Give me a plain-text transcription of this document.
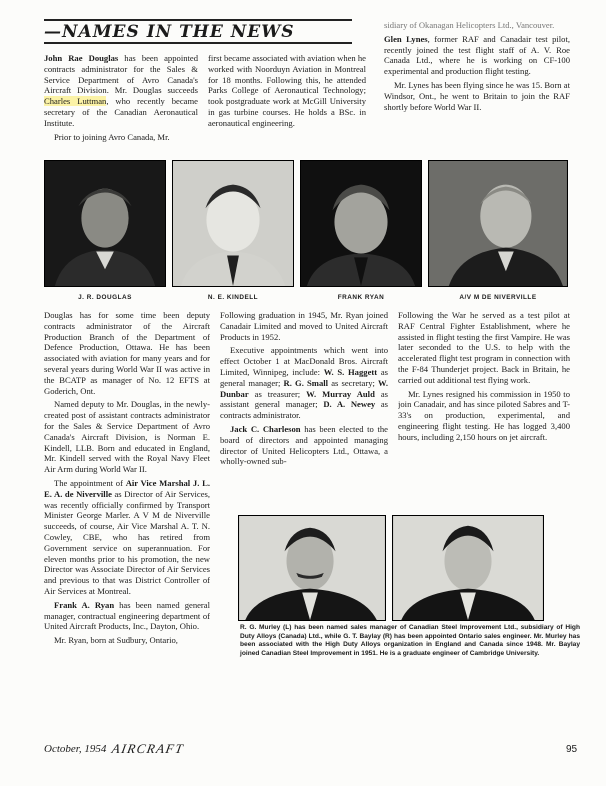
—NAMES IN THE NEWS

John Rae Douglas has been appointed contracts administrator for the Sales & Service Department of Avro Canada's Aircraft Division. Mr. Douglas succeeds Charles Luttman, who recently became secretary of the Canadian Aeronautical Institute.

Prior to joining Avro Canada, Mr.

first became associated with aviation when he worked with Noorduyn Aviation in Montreal for 18 months. Following this, he attended Parks College of Aeronautical Technology; took postgraduate work at McGill University in gas turbine courses. He holds a BSc. in aeronautical engineering.

sidiary of Okanagan Helicopters Ltd., Vancouver.

Glen Lynes, former RAF and Canadair test pilot, recently joined the test flight staff of A. V. Roe Canada Ltd., where he is working on CF-100 experimental and production flight testing.

Mr. Lynes has been flying since he was 15. Born at Windsor, Ont., he went to Britain to join the RAF shortly before World War II.

J. R. DOUGLAS	N. E. KINDELL	FRANK RYAN	A/V M DE NIVERVILLE

Douglas has for some time been deputy contracts administrator of the Aircraft Production Branch of the Department of Defence Production, Ottawa. He has been associated with aviation for many years and for several years during World War II was active in the BCATP as manager of No. 12 EFTS at Goderich, Ont.

Named deputy to Mr. Douglas, in the newly-created post of assistant contracts administrator for the Sales & Service Department of Avro Canada's Aircraft Division, is Norman E. Kindell, LLB. Born and educated in England, Mr. Kindell served with the Royal Navy Fleet Air Arm during World War II.

The appointment of Air Vice Marshal J. L. E. A. de Niverville as Director of Air Services, was recently officially confirmed by Transport Minister George Marler. A V M de Niverville succeeds, of course, Air Vice Marshal A. T. N. Cowley, CBE, who has retired from Government service on superannuation. For eleven months prior to his promotion, the new Director was Associate Director of Air Services and previous to that was District Controller of Air Services at Montreal.

Frank A. Ryan has been named general manager, contractual engineering department of United Aircraft Products, Inc., Dayton, Ohio.

Mr. Ryan, born at Sudbury, Ontario,

Following graduation in 1945, Mr. Ryan joined Canadair Limited and moved to United Aircraft Products in 1952.

Executive appointments which went into effect October 1 at MacDonald Bros. Aircraft Limited, Winnipeg, include: W. S. Haggett as general manager; R. G. Small as secretary; W. Dunbar as treasurer; W. Murray Auld as assistant general manager; D. A. Newey as contracts administrator.

Jack C. Charleson has been elected to the board of directors and appointed managing director of United Helicopters Ltd., Ottawa, a wholly-owned sub-

Following the War he served as a test pilot at RAF Central Fighter Establishment, where he assisted in flight testing the first Vampire. He was later seconded to the U.S. to help with the accelerated flight test program in connection with the F-84 Thunderjet project. Back in Britain, he carried out additional test flying work.

Mr. Lynes resigned his commission in 1950 to join Canadair, and has since piloted Sabres and T-33's on production, experimental, and engineering flight testing. He has logged 3,400 hours, including 2,150 hours on jet aircraft.

R. G. Murley (L) has been named sales manager of Canadian Steel Improvement Ltd., subsidiary of High Duty Alloys (Canada) Ltd., while G. T. Baylay (R) has been appointed Ontario sales engineer. Mr. Murley has been associated with the High Duty Alloys organization in England and Canada since 1948. Mr. Baylay joined Canadian Steel Improvement in 1951. He is a graduate engineer of Cambridge University.
October, 1954 AIRCRAFT	95
